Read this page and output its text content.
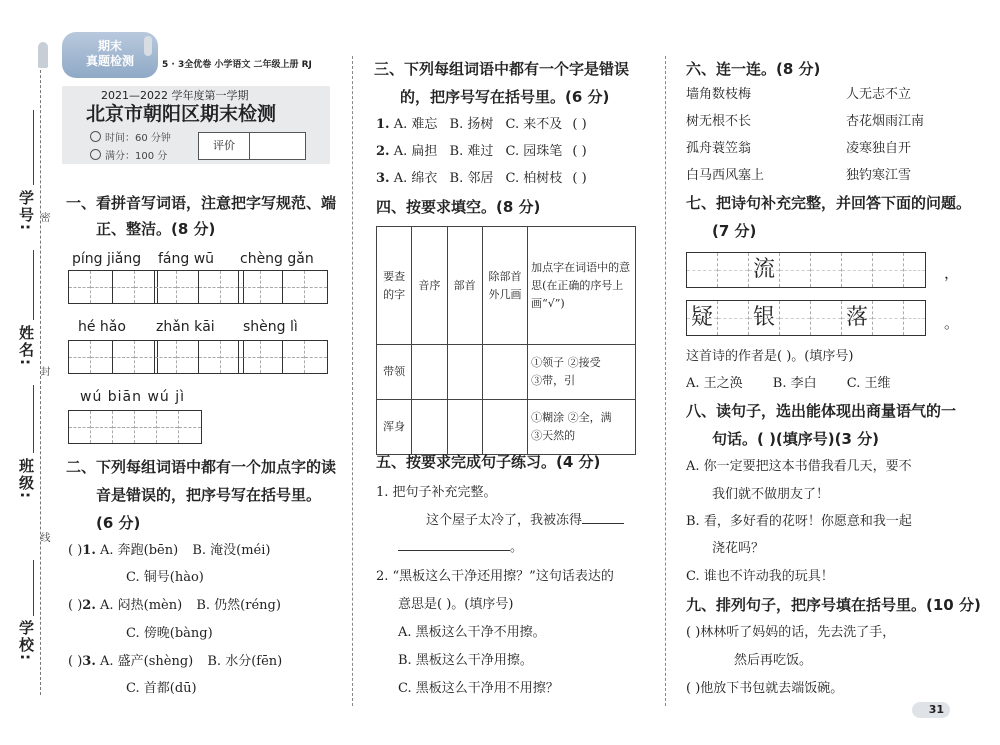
学号: 密
姓名:
封
班级:
线
学校:
期末
真题检测	5 · 3全优卷 小学语文 二年级上册 RJ
2021—2022 学年度第一学期
北京市朝阳区期末检测
时间：60 分钟
满分：100 分
评价
一、看拼音写词语，注意把字写规范、端
正、整洁。(8 分)
píng jiǎng fáng wū chèng gǎn
hé hǎo zhǎn kāi shèng lì
wú biān wú jì
二、下列每组词语中都有一个加点字的读
音是错误的，把序号写在括号里。
(6 分)
( )1. A. 奔跑(bēn) B. 淹没(méi)
C. 铜号(hào)
( )2. A. 闷热(mèn) B. 仍然(réng)
C. 傍晚(bàng)
( )3. A. 盛产(shèng) B. 水分(fēn)
C. 首都(dū)
三、下列每组词语中都有一个字是错误
的，把序号写在括号里。(6 分)
1. A. 难忘 B. 扬树 C. 来不及 ( )
2. A. 扁担 B. 难过 C. 园珠笔 ( )
3. A. 绵衣 B. 邻居 C. 柏树枝 ( )
四、按要求填空。(8 分)
要查的字	音序	部首	除部首外几画	加点字在词语中的意思(在正确的序号上画“√”)
带领				①领子 ②接受
③带，引

浑身				①糊涂 ②全，满
③天然的
五、按要求完成句子练习。(4 分)
1. 把句子补充完整。
这个屋子太冷了，我被冻得
。
2. “黑板这么干净还用擦？”这句话表达的
意思是( )。(填序号)
A. 黑板这么干净不用擦。
B. 黑板这么干净用擦。
C. 黑板这么干净用不用擦？
六、连一连。(8 分)
墙角数枝梅
树无根不长
孤舟蓑笠翁
白马西风塞上
人无志不立
杏花烟雨江南
凌寒独自开
独钓寒江雪
七、把诗句补充完整，并回答下面的问题。
(7 分)
流	，
疑 银	落	。
这首诗的作者是( )。(填序号)
A. 王之涣 B. 李白 C. 王维
八、读句子，选出能体现出商量语气的一
句话。( )(填序号)(3 分)
A. 你一定要把这本书借我看几天，要不
我们就不做朋友了！
B. 看，多好看的花呀！你愿意和我一起
浇花吗？
C. 谁也不许动我的玩具！
九、排列句子，把序号填在括号里。(10 分)
( )林林听了妈妈的话，先去洗了手，
然后再吃饭。
( )他放下书包就去端饭碗。
31
